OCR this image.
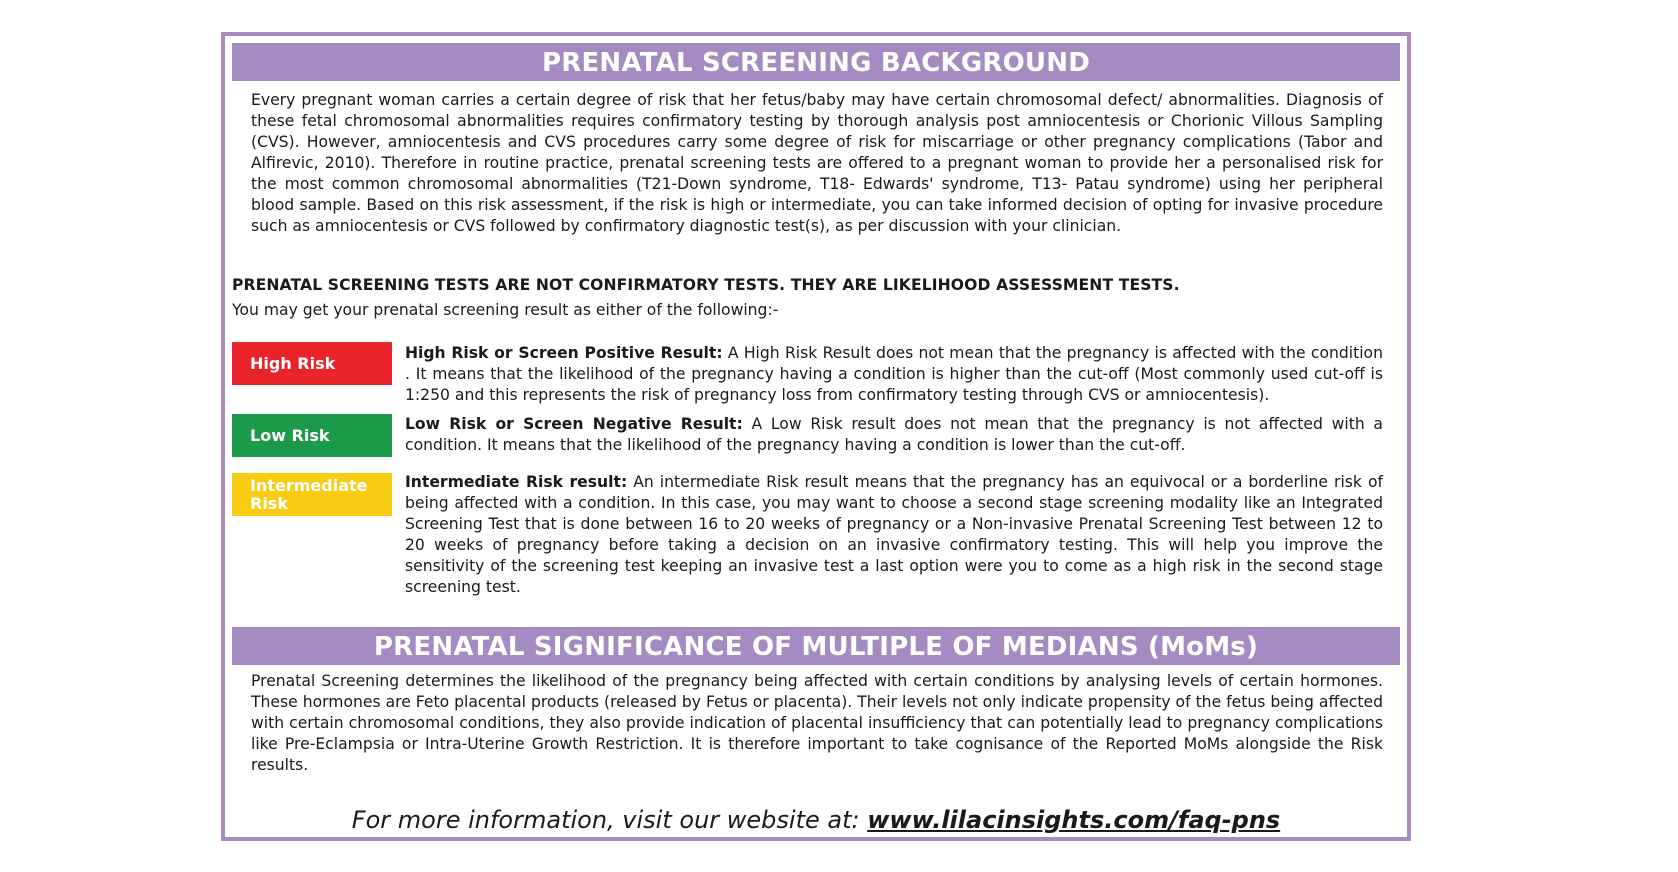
PRENATAL SCREENING BACKGROUND

Every pregnant woman carries a certain degree of risk that her fetus/baby may have certain chromosomal defect/ abnormalities. Diagnosis of these fetal chromosomal abnormalities requires confirmatory testing by thorough analysis post amniocentesis or Chorionic Villous Sampling (CVS). However, amniocentesis and CVS procedures carry some degree of risk for miscarriage or other pregnancy complications (Tabor and Alfirevic, 2010). Therefore in routine practice, prenatal screening tests are offered to a pregnant woman to provide her a personalised risk for the most common chromosomal abnormalities (T21-Down syndrome, T18- Edwards' syndrome, T13- Patau syndrome) using her peripheral blood sample. Based on this risk assessment, if the risk is high or intermediate, you can take informed decision of opting for invasive procedure such as amniocentesis or CVS followed by confirmatory diagnostic test(s), as per discussion with your clinician.

PRENATAL SCREENING TESTS ARE NOT CONFIRMATORY TESTS. THEY ARE LIKELIHOOD ASSESSMENT TESTS.

You may get your prenatal screening result as either of the following:-

High Risk

High Risk or Screen Positive Result: A High Risk Result does not mean that the pregnancy is affected with the condition . It means that the likelihood of the pregnancy having a condition is higher than the cut-off (Most commonly used cut-off is 1:250 and this represents the risk of pregnancy loss from confirmatory testing through CVS or amniocentesis).

Low Risk

Low Risk or Screen Negative Result: A Low Risk result does not mean that the pregnancy is not affected with a condition. It means that the likelihood of the pregnancy having a condition is lower than the cut-off.

Intermediate
Risk

Intermediate Risk result: An intermediate Risk result means that the pregnancy has an equivocal or a borderline risk of being affected with a condition. In this case, you may want to choose a second stage screening modality like an Integrated Screening Test that is done between 16 to 20 weeks of pregnancy or a Non-invasive Prenatal Screening Test between 12 to 20 weeks of pregnancy before taking a decision on an invasive confirmatory testing. This will help you improve the sensitivity of the screening test keeping an invasive test a last option were you to come as a high risk in the second stage screening test.

PRENATAL SIGNIFICANCE OF MULTIPLE OF MEDIANS (MoMs)

Prenatal Screening determines the likelihood of the pregnancy being affected with certain conditions by analysing levels of certain hormones. These hormones are Feto placental products (released by Fetus or placenta). Their levels not only indicate propensity of the fetus being affected with certain chromosomal conditions, they also provide indication of placental insufficiency that can potentially lead to pregnancy complications like Pre-Eclampsia or Intra-Uterine Growth Restriction. It is therefore important to take cognisance of the Reported MoMs alongside the Risk results.

For more information, visit our website at: www.lilacinsights.com/faq-pns
